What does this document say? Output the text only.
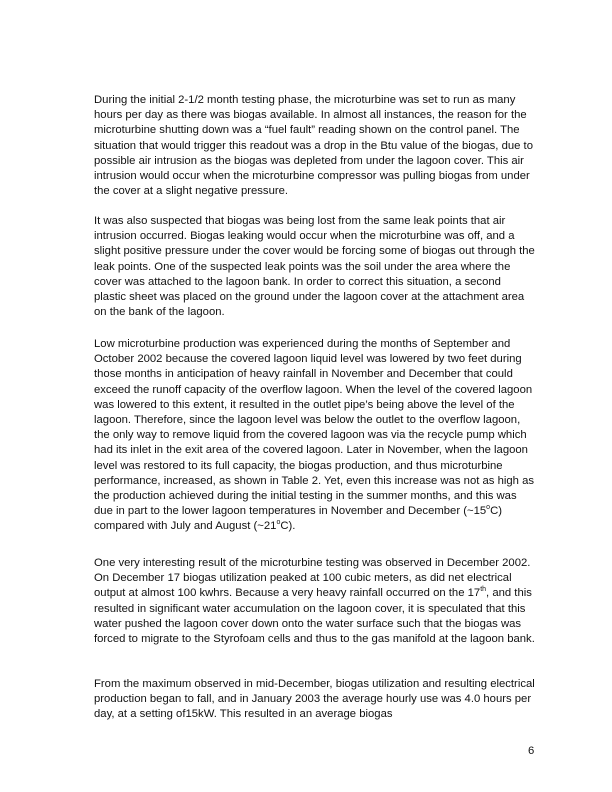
During the initial 2-1/2 month testing phase, the microturbine was set to run as many hours per day as there was biogas available. In almost all instances, the reason for the microturbine shutting down was a “fuel fault” reading shown on the control panel. The situation that would trigger this readout was a drop in the Btu value of the biogas, due to possible air intrusion as the biogas was depleted from under the lagoon cover. This air intrusion would occur when the microturbine compressor was pulling biogas from under the cover at a slight negative pressure.

It was also suspected that biogas was being lost from the same leak points that air intrusion occurred. Biogas leaking would occur when the microturbine was off, and a slight positive pressure under the cover would be forcing some of biogas out through the leak points. One of the suspected leak points was the soil under the area where the cover was attached to the lagoon bank. In order to correct this situation, a second plastic sheet was placed on the ground under the lagoon cover at the attachment area on the bank of the lagoon.

Low microturbine production was experienced during the months of September and October 2002 because the covered lagoon liquid level was lowered by two feet during those months in anticipation of heavy rainfall in November and December that could exceed the runoff capacity of the overflow lagoon. When the level of the covered lagoon was lowered to this extent, it resulted in the outlet pipe’s being above the level of the lagoon. Therefore, since the lagoon level was below the outlet to the overflow lagoon, the only way to remove liquid from the covered lagoon was via the recycle pump which had its inlet in the exit area of the covered lagoon. Later in November, when the lagoon level was restored to its full capacity, the biogas production, and thus microturbine performance, increased, as shown in Table 2. Yet, even this increase was not as high as the production achieved during the initial testing in the summer months, and this was due in part to the lower lagoon temperatures in November and December (~15$^o$C) compared with July and August (~21$^o$C).

One very interesting result of the microturbine testing was observed in December 2002. On December 17 biogas utilization peaked at 100 cubic meters, as did net electrical output at almost 100 kwhrs. Because a very heavy rainfall occurred on the 17th, and this resulted in significant water accumulation on the lagoon cover, it is speculated that this water pushed the lagoon cover down onto the water surface such that the biogas was forced to migrate to the Styrofoam cells and thus to the gas manifold at the lagoon bank.

From the maximum observed in mid-December, biogas utilization and resulting electrical production began to fall, and in January 2003 the average hourly use was 4.0 hours per day, at a setting of15kW. This resulted in an average biogas

6
